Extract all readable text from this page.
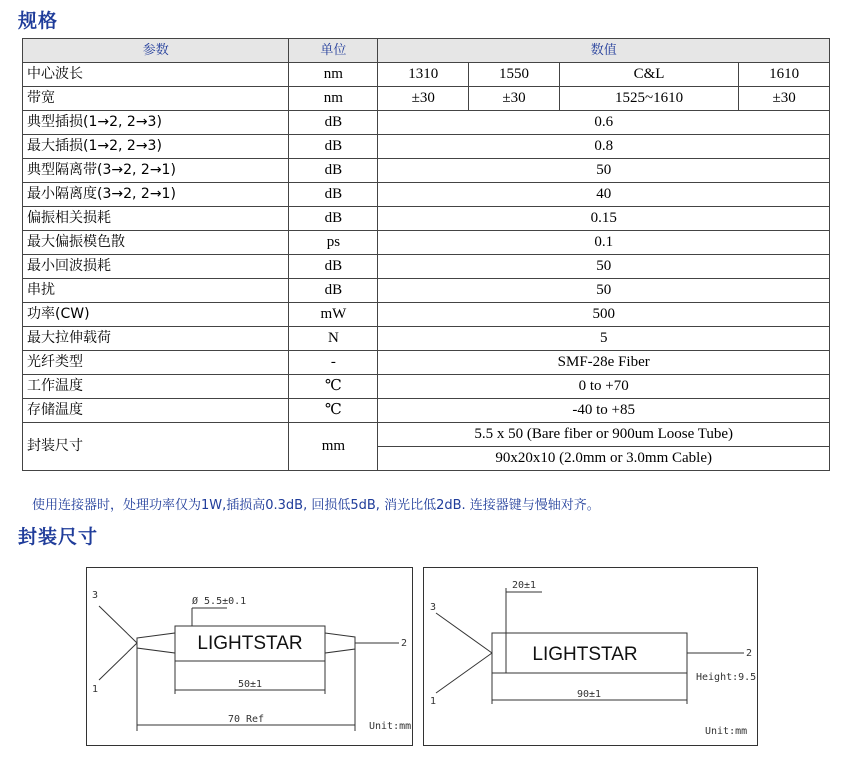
规格
参数	单位	数值			
中心波长	nm	1310	1550	C&L	1610
带宽	nm	±30	±30	1525~1610	±30
典型插损(1→2, 2→3)	dB	0.6			
最大插损(1→2, 2→3)	dB	0.8			
典型隔离带(3→2, 2→1)	dB	50			
最小隔离度(3→2, 2→1)	dB	40			
偏振相关损耗	dB	0.15			
最大偏振模色散	ps	0.1			
最小回波损耗	dB	50			
串扰	dB	50			
功率(CW)	mW	500			
最大拉伸载荷	N	5			
光纤类型	-	SMF-28e Fiber			
工作温度	℃	0 to +70			
存储温度	℃	-40 to +85			
封装尺寸	mm	5.5 x 50 (Bare fiber or 900um Loose Tube)			
		90x20x10 (2.0mm or 3.0mm Cable)			
使用连接器时，处理功率仅为1W,插损高0.3dB, 回损低5dB, 消光比低2dB. 连接器键与慢轴对齐。
封装尺寸
LIGHTSTAR
Ø 5.5±0.1
50±1
70 Ref
Unit:mm
3
1
2
LIGHTSTAR
20±1
90±1
Height:9.5
Unit:mm
3
1
2
